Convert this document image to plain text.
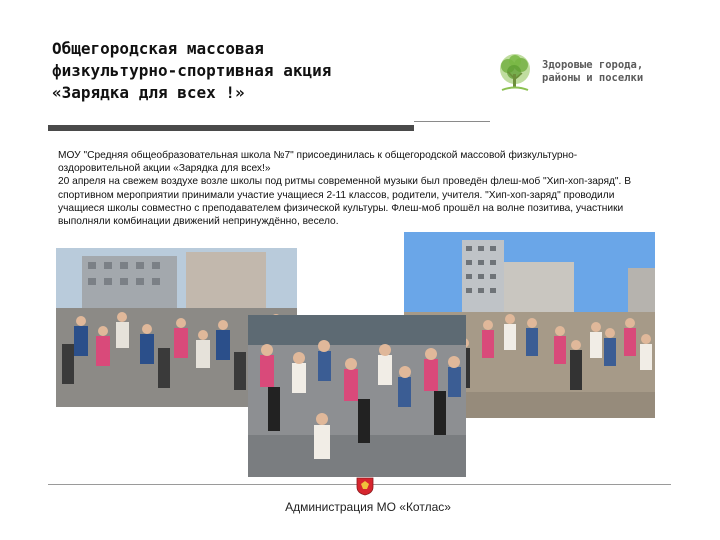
Общегородская массовая
физкультурно-спортивная акция
«Зарядка для всех !»
Здоровые города,
районы и поселки

МОУ "Средняя общеобразовательная школа №7" присоединилась к общегородской массовой физкультурно-оздоровительной акции «Зарядка для всех!»

20 апреля на свежем воздухе возле школы под ритмы современной музыки был проведён флеш-моб "Хип-хоп-заряд". В спортивном мероприятии принимали участие учащиеся 2-11 классов, родители, учителя. "Хип-хоп-заряд" проводили учащиеся школы совместно с преподавателем физической культуры. Флеш-моб прошёл на волне позитива, участники выполняли комбинации движений непринуждённо, весело.

Администрация МО «Котлас»
